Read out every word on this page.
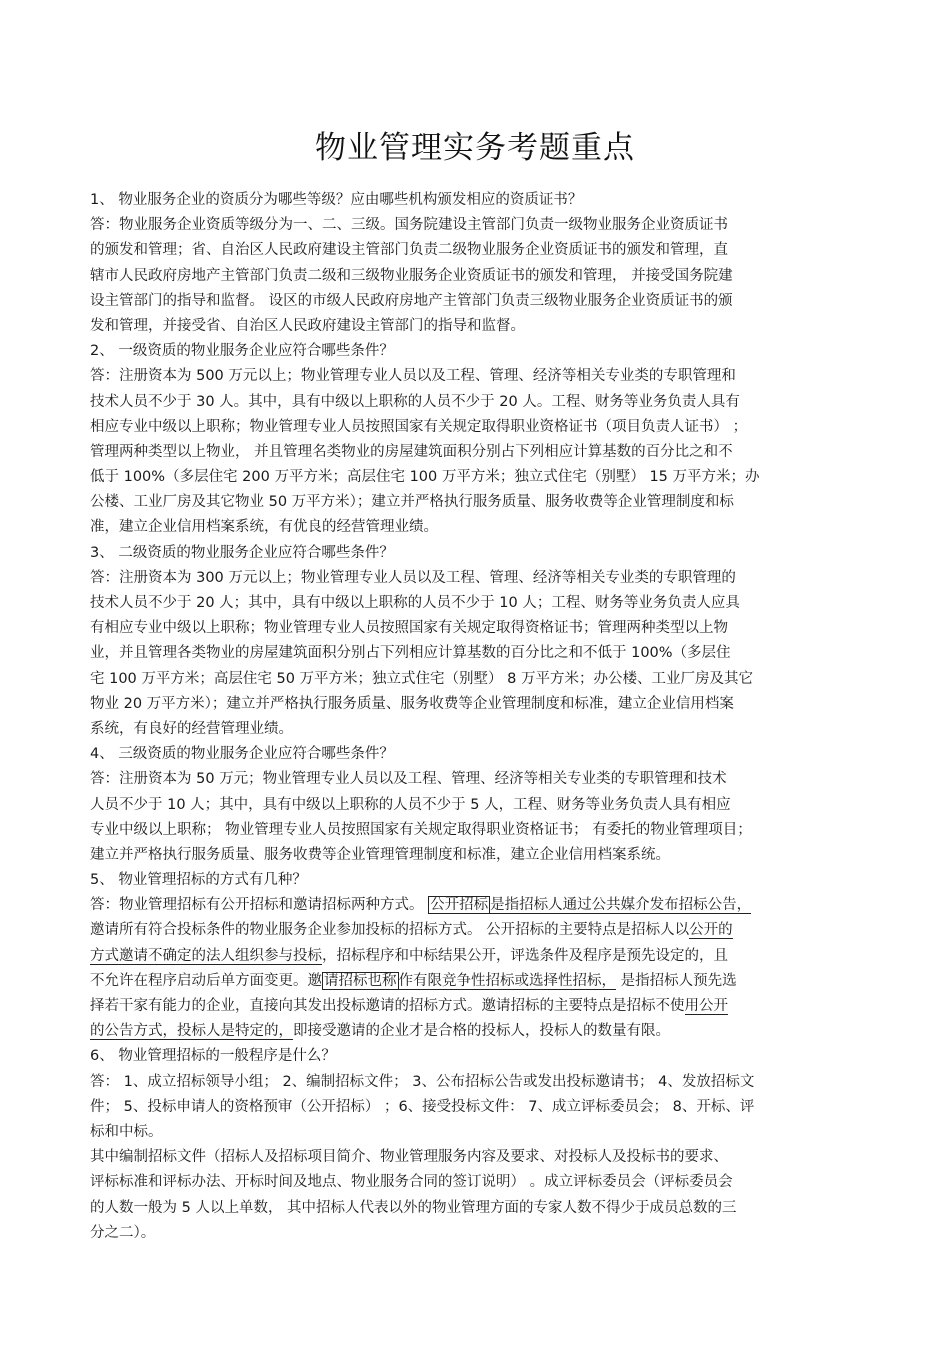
物业管理实务考题重点
1、 物业服务企业的资质分为哪些等级？应由哪些机构颁发相应的资质证书？
答：物业服务企业资质等级分为一、二、三级。国务院建设主管部门负责一级物业服务企业资质证书
的颁发和管理；省、自治区人民政府建设主管部门负责二级物业服务企业资质证书的颁发和管理，直
辖市人民政府房地产主管部门负责二级和三级物业服务企业资质证书的颁发和管理， 并接受国务院建
设主管部门的指导和监督。 设区的市级人民政府房地产主管部门负责三级物业服务企业资质证书的颁
发和管理，并接受省、自治区人民政府建设主管部门的指导和监督。
2、 一级资质的物业服务企业应符合哪些条件？
答：注册资本为 500 万元以上；物业管理专业人员以及工程、管理、经济等相关专业类的专职管理和
技术人员不少于 30 人。其中，具有中级以上职称的人员不少于 20 人。工程、财务等业务负责人具有
相应专业中级以上职称；物业管理专业人员按照国家有关规定取得职业资格证书（项目负责人证书） ；
管理两种类型以上物业， 并且管理名类物业的房屋建筑面积分别占下列相应计算基数的百分比之和不
低于 100%（多层住宅 200 万平方米；高层住宅 100 万平方米；独立式住宅（别墅） 15 万平方米；办
公楼、工业厂房及其它物业 50 万平方米）；建立并严格执行服务质量、服务收费等企业管理制度和标
准，建立企业信用档案系统，有优良的经营管理业绩。
3、 二级资质的物业服务企业应符合哪些条件？
答：注册资本为 300 万元以上；物业管理专业人员以及工程、管理、经济等相关专业类的专职管理的
技术人员不少于 20 人；其中，具有中级以上职称的人员不少于 10 人；工程、财务等业务负责人应具
有相应专业中级以上职称；物业管理专业人员按照国家有关规定取得资格证书；管理两种类型以上物
业，并且管理各类物业的房屋建筑面积分别占下列相应计算基数的百分比之和不低于 100%（多层住
宅 100 万平方米；高层住宅 50 万平方米；独立式住宅（别墅） 8 万平方米；办公楼、工业厂房及其它
物业 20 万平方米）；建立并严格执行服务质量、服务收费等企业管理制度和标准，建立企业信用档案
系统，有良好的经营管理业绩。
4、 三级资质的物业服务企业应符合哪些条件？
答：注册资本为 50 万元；物业管理专业人员以及工程、管理、经济等相关专业类的专职管理和技术
人员不少于 10 人；其中，具有中级以上职称的人员不少于 5 人，工程、财务等业务负责人具有相应
专业中级以上职称； 物业管理专业人员按照国家有关规定取得职业资格证书； 有委托的物业管理项目；
建立并严格执行服务质量、服务收费等企业管理管理制度和标准，建立企业信用档案系统。
5、 物业管理招标的方式有几种？
答：物业管理招标有公开招标和邀请招标两种方式。 公开招标 是指招标人通过公共媒介发布招标公告，
邀请所有符合投标条件的物业服务企业参加投标的招标方式。 公开招标的主要特点是招标人以公开的
方式邀请不确定的法人组织参与投标，招标程序和中标结果公开，评选条件及程序是预先设定的，且
不允许在程序启动后单方面变更。邀 请招标也称 作有限竞争性招标或选择性招标， 是指招标人预先选
择若干家有能力的企业，直接向其发出投标邀请的招标方式。邀请招标的主要特点是招标不使用公开
的公告方式，投标人是特定的，即接受邀请的企业才是合格的投标人，投标人的数量有限。
6、 物业管理招标的一般程序是什么？
答： 1、成立招标领导小组； 2、编制招标文件； 3、公布招标公告或发出投标邀请书； 4、发放招标文
件； 5、投标申请人的资格预审（公开招标） ；6、接受投标文件： 7、成立评标委员会； 8、开标、评
标和中标。
其中编制招标文件（招标人及招标项目简介、物业管理服务内容及要求、对投标人及投标书的要求、
评标标准和评标办法、开标时间及地点、物业服务合同的签订说明） 。成立评标委员会（评标委员会
的人数一般为 5 人以上单数， 其中招标人代表以外的物业管理方面的专家人数不得少于成员总数的三
分之二）。
